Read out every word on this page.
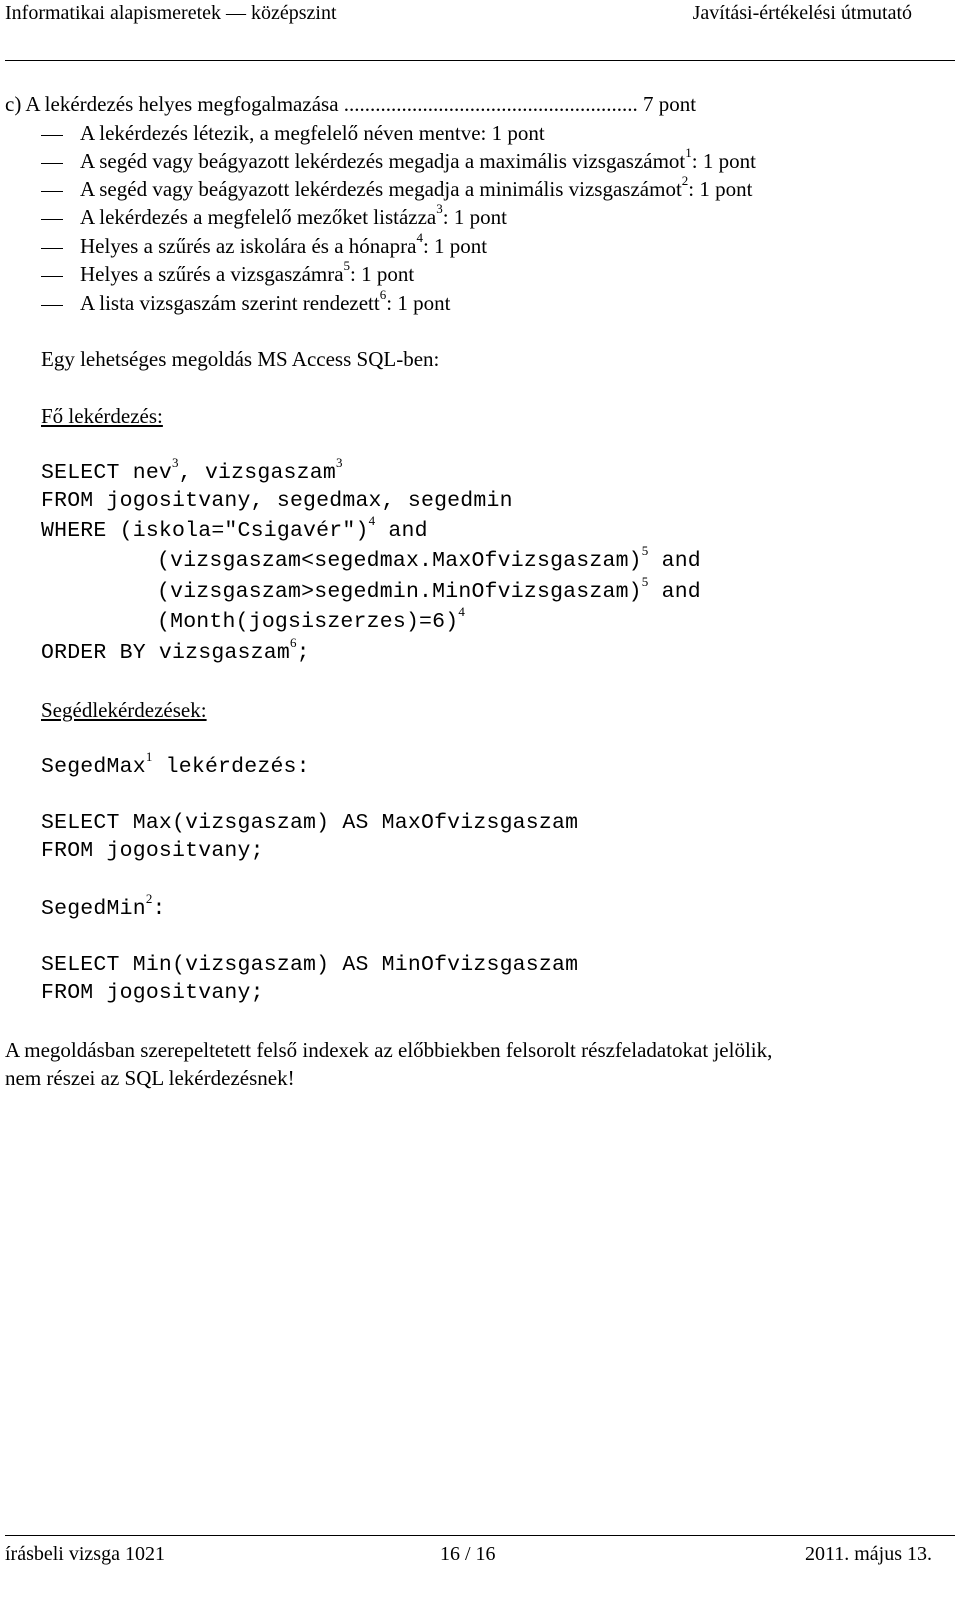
Informatikai alapismeretek — középszint	Javítási-értékelési útmutató
c) A lekérdezés helyes megfogalmazása ........................................................ 7 pont
A lekérdezés létezik, a megfelelő néven mentve: 1 pont
A segéd vagy beágyazott lekérdezés megadja a maximális vizsgaszámot$^1$: 1 pont
A segéd vagy beágyazott lekérdezés megadja a minimális vizsgaszámot$^2$: 1 pont
A lekérdezés a megfelelő mezőket listázza$^3$: 1 pont
Helyes a szűrés az iskolára és a hónapra$^4$: 1 pont
Helyes a szűrés a vizsgaszámra$^5$: 1 pont
A lista vizsgaszám szerint rendezett$^6$: 1 pont
Egy lehetséges megoldás MS Access SQL-ben:
Fő lekérdezés:
SELECT nev$^3$, vizsgaszam$^3$
FROM jogositvany, segedmax, segedmin
WHERE (iskola="Csigavér")$^4$ and
(vizsgaszam<segedmax.MaxOfvizsgaszam)$^5$ and
(vizsgaszam>segedmin.MinOfvizsgaszam)$^5$ and
(Month(jogsiszerzes)=6)$^4$
ORDER BY vizsgaszam$^6$;
Segédlekérdezések:
SegedMax$^1$ lekérdezés:
SELECT Max(vizsgaszam) AS MaxOfvizsgaszam
FROM jogositvany;
SegedMin$^2$:
SELECT Min(vizsgaszam) AS MinOfvizsgaszam
FROM jogositvany;
A megoldásban szerepeltetett felső indexek az előbbiekben felsorolt részfeladatokat jelölik,
nem részei az SQL lekérdezésnek!
írásbeli vizsga 1021	16 / 16	2011. május 13.
